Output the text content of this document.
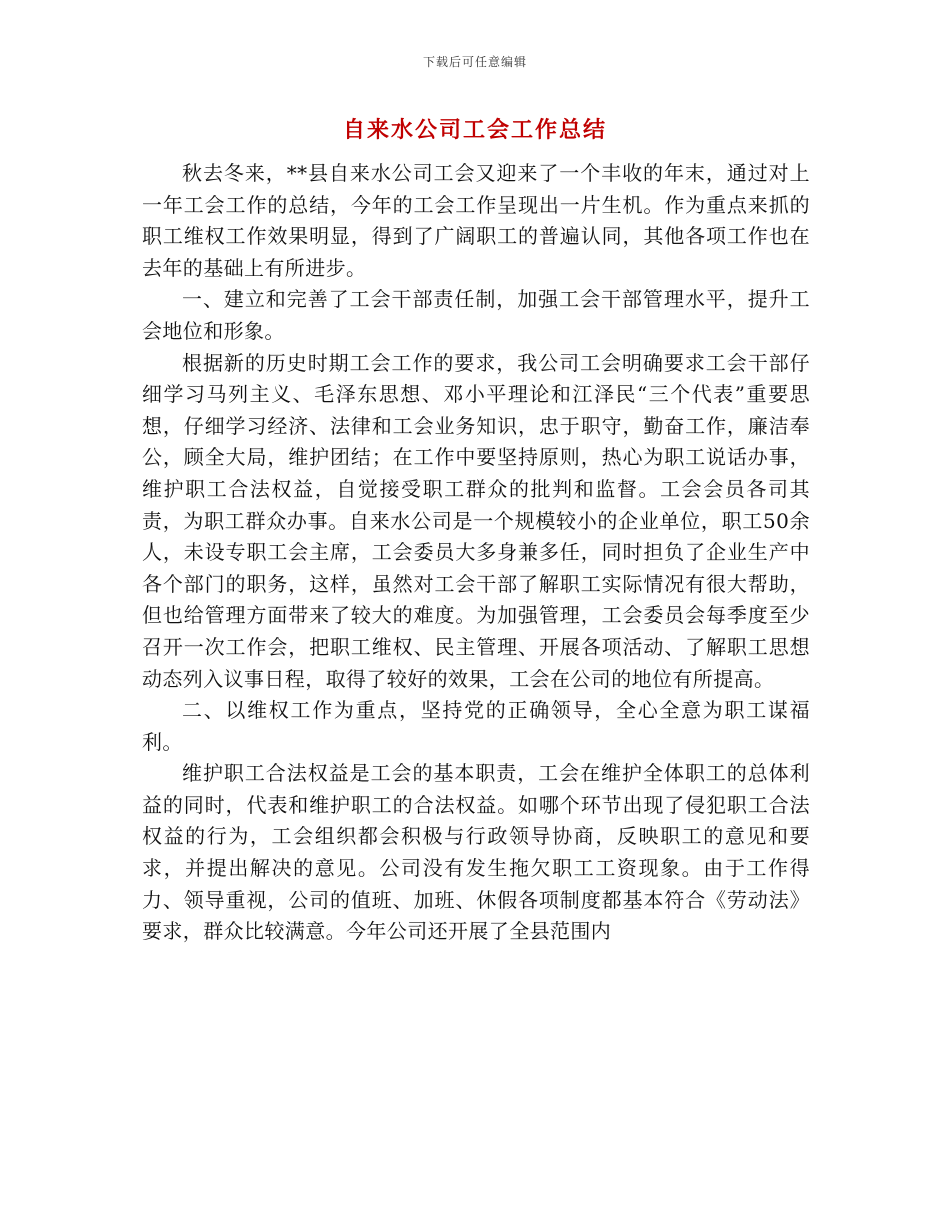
下载后可任意编辑
自来水公司工会工作总结

秋去冬来，**县自来水公司工会又迎来了一个丰收的年末，通过对上一年工会工作的总结，今年的工会工作呈现出一片生机。作为重点来抓的职工维权工作效果明显，得到了广阔职工的普遍认同，其他各项工作也在去年的基础上有所进步。

一、建立和完善了工会干部责任制，加强工会干部管理水平，提升工会地位和形象。

根据新的历史时期工会工作的要求，我公司工会明确要求工会干部仔细学习马列主义、毛泽东思想、邓小平理论和江泽民“三个代表”重要思想，仔细学习经济、法律和工会业务知识，忠于职守，勤奋工作，廉洁奉公，顾全大局，维护团结；在工作中要坚持原则，热心为职工说话办事，维护职工合法权益，自觉接受职工群众的批判和监督。工会会员各司其责，为职工群众办事。自来水公司是一个规模较小的企业单位，职工50余人，未设专职工会主席，工会委员大多身兼多任，同时担负了企业生产中各个部门的职务，这样，虽然对工会干部了解职工实际情况有很大帮助，但也给管理方面带来了较大的难度。为加强管理，工会委员会每季度至少召开一次工作会，把职工维权、民主管理、开展各项活动、了解职工思想动态列入议事日程，取得了较好的效果，工会在公司的地位有所提高。

二、以维权工作为重点，坚持党的正确领导，全心全意为职工谋福利。

维护职工合法权益是工会的基本职责，工会在维护全体职工的总体利益的同时，代表和维护职工的合法权益。如哪个环节出现了侵犯职工合法权益的行为，工会组织都会积极与行政领导协商，反映职工的意见和要求，并提出解决的意见。公司没有发生拖欠职工工资现象。由于工作得力、领导重视，公司的值班、加班、休假各项制度都基本符合《劳动法》要求，群众比较满意。今年公司还开展了全县范围内
